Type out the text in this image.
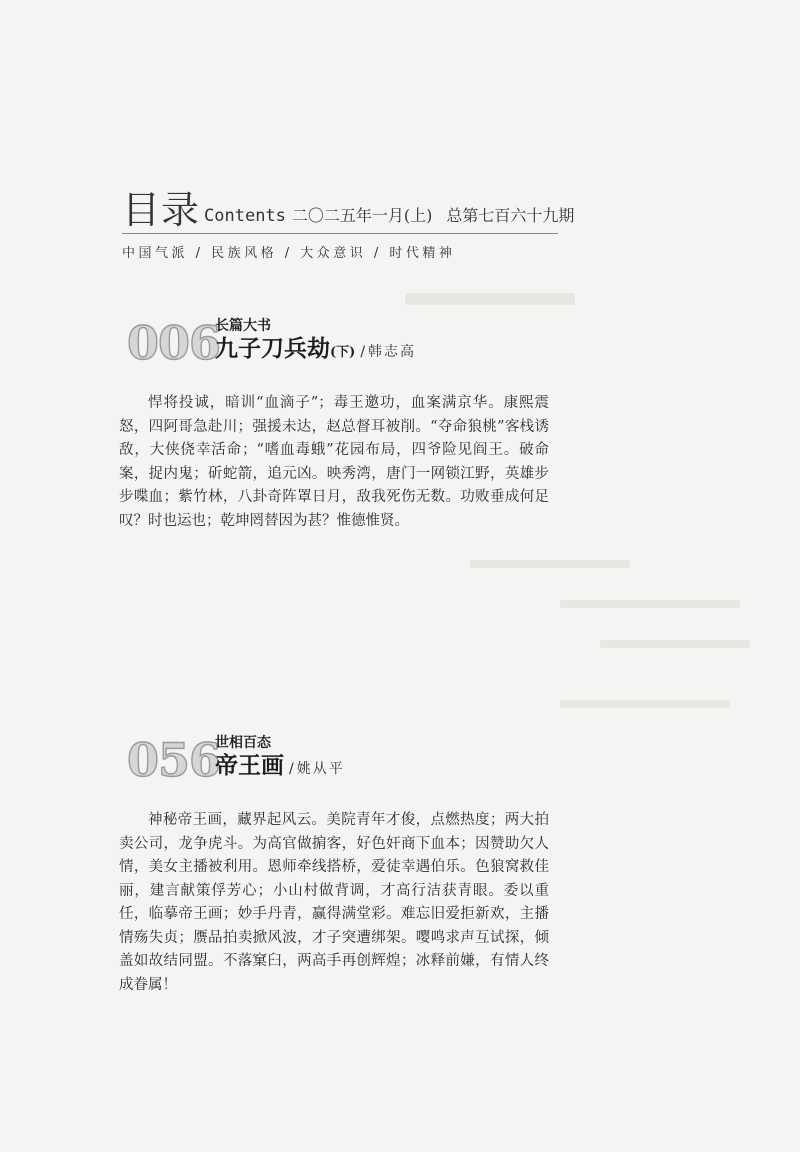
目录 Contents 二〇二五年一月(上) 总第七百六十九期
中国气派 / 民族风格 / 大众意识 / 时代精神
006
长篇大书
九子刀兵劫 (下) / 韩志高
悍将投诚，暗训“血滴子”；毒王邀功，血案满京华。康熙震怒，四阿哥急赴川；强援未达，赵总督耳被削。“夺命狼桃”客栈诱敌，大侠侥幸活命；“嗜血毒蛾”花园布局，四爷险见阎王。破命案，捉内鬼；斫蛇箭，追元凶。映秀湾，唐门一网锁江野，英雄步步喋血；紫竹林，八卦奇阵罩日月，敌我死伤无数。功败垂成何足叹？时也运也；乾坤罔替因为甚？惟德惟贤。
056
世相百态
帝王画 / 姚从平
神秘帝王画，藏界起风云。美院青年才俊，点燃热度；两大拍卖公司，龙争虎斗。为高官做掮客，好色奸商下血本；因赞助欠人情，美女主播被利用。恩师牵线搭桥，爱徒幸遇伯乐。色狼窝救佳丽，建言献策俘芳心；小山村做背调，才高行洁获青眼。委以重任，临摹帝王画；妙手丹青，赢得满堂彩。难忘旧爱拒新欢，主播情殇失贞；赝品拍卖掀风波，才子突遭绑架。嘤鸣求声互试探，倾盖如故结同盟。不落窠臼，两高手再创辉煌；冰释前嫌，有情人终成眷属！
